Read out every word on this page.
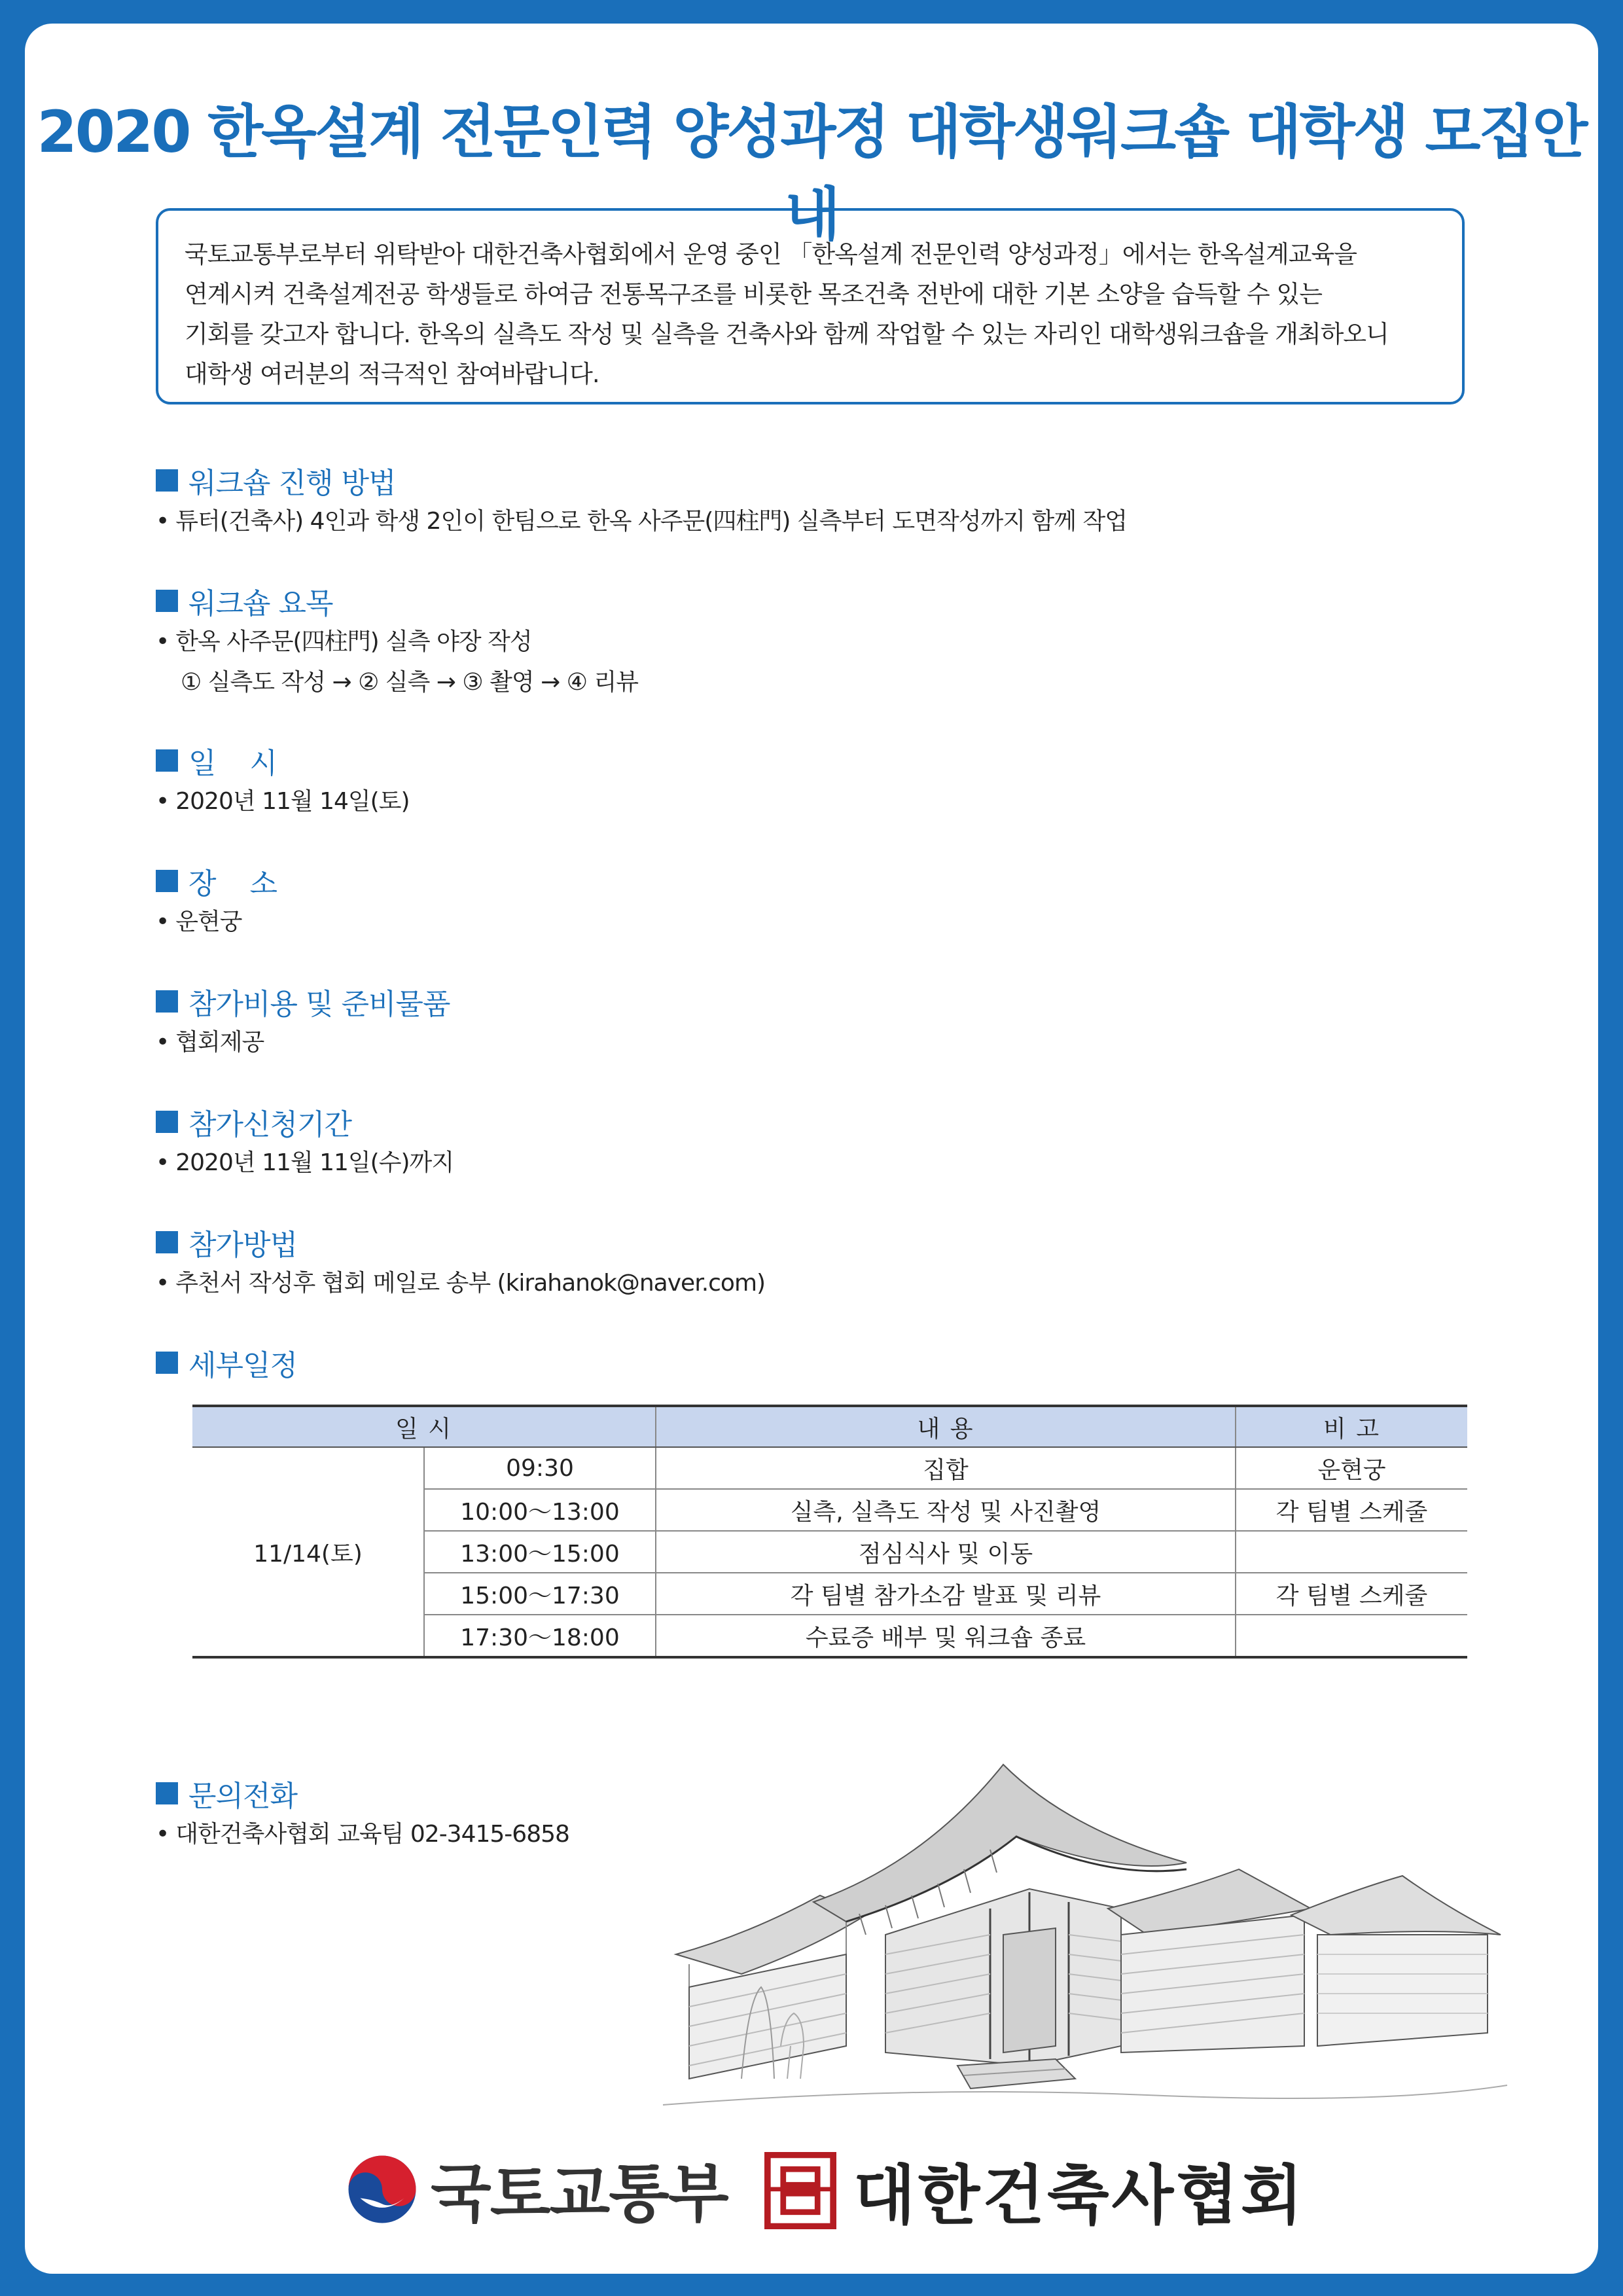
2020 한옥설계 전문인력 양성과정 대학생워크숍 대학생 모집안내
국토교통부로부터 위탁받아 대한건축사협회에서 운영 중인 「한옥설계 전문인력 양성과정」에서는 한옥설계교육을
연계시켜 건축설계전공 학생들로 하여금 전통목구조를 비롯한 목조건축 전반에 대한 기본 소양을 습득할 수 있는
기회를 갖고자 합니다. 한옥의 실측도 작성 및 실측을 건축사와 함께 작업할 수 있는 자리인 대학생워크숍을 개최하오니
대학생 여러분의 적극적인 참여바랍니다.
워크숍 진행 방법
• 튜터(건축사) 4인과 학생 2인이 한팀으로 한옥 사주문(四柱門) 실측부터 도면작성까지 함께 작업
워크숍 요목
• 한옥 사주문(四柱門) 실측 야장 작성
① 실측도 작성 → ② 실측 → ③ 촬영 → ④ 리뷰
일    시
• 2020년 11월 14일(토)
장    소
• 운현궁
참가비용 및 준비물품
• 협회제공
참가신청기간
• 2020년 11월 11일(수)까지
참가방법
• 추천서 작성후 협회 메일로 송부 (kirahanok@naver.com)
세부일정
일 시		내 용	비 고
11/14(토)	09:30	집합	운현궁
	10:00～13:00	실측, 실측도 작성 및 사진촬영	각 팀별 스케줄
	13:00～15:00	점심식사 및 이동	
	15:00～17:30	각 팀별 참가소감 발표 및 리뷰	각 팀별 스케줄
	17:30～18:00	수료증 배부 및 워크숍 종료	
문의전화
• 대한건축사협회 교육팀 02-3415-6858
국토교통부 대한건축사협회
